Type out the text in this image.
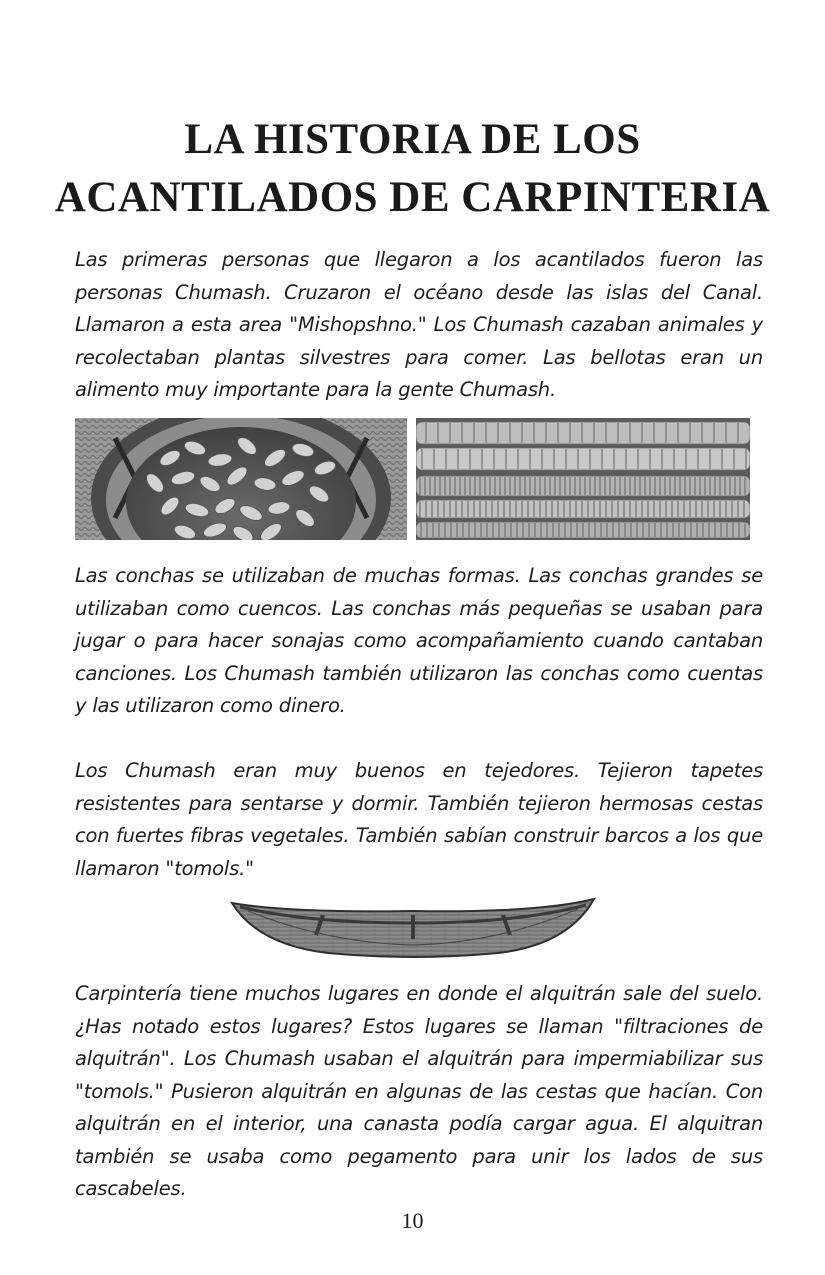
LA HISTORIA DE LOS
ACANTILADOS DE CARPINTERIA

Las primeras personas que llegaron a los acantilados fueron las personas Chumash. Cruzaron el océano desde las islas del Canal. Llamaron a esta area "Mishopshno." Los Chumash cazaban animales y recolectaban plantas silvestres para comer. Las bellotas eran un alimento muy importante para la gente Chumash.

Las conchas se utilizaban de muchas formas. Las conchas grandes se utilizaban como cuencos. Las conchas más pequeñas se usaban para jugar o para hacer sonajas como acompañamiento cuando cantaban canciones. Los Chumash también utilizaron las conchas como cuentas y las utilizaron como dinero.

Los Chumash eran muy buenos en tejedores. Tejieron tapetes resistentes para sentarse y dormir. También tejieron hermosas cestas con fuertes fibras vegetales. También sabían construir barcos a los que llamaron "tomols."

Carpintería tiene muchos lugares en donde el alquitrán sale del suelo. ¿Has notado estos lugares? Estos lugares se llaman "filtraciones de alquitrán". Los Chumash usaban el alquitrán para impermiabilizar sus "tomols." Pusieron alquitrán en algunas de las cestas que hacían. Con alquitrán en el interior, una canasta podía cargar agua. El alquitran también se usaba como pegamento para unir los lados de sus cascabeles.

10
